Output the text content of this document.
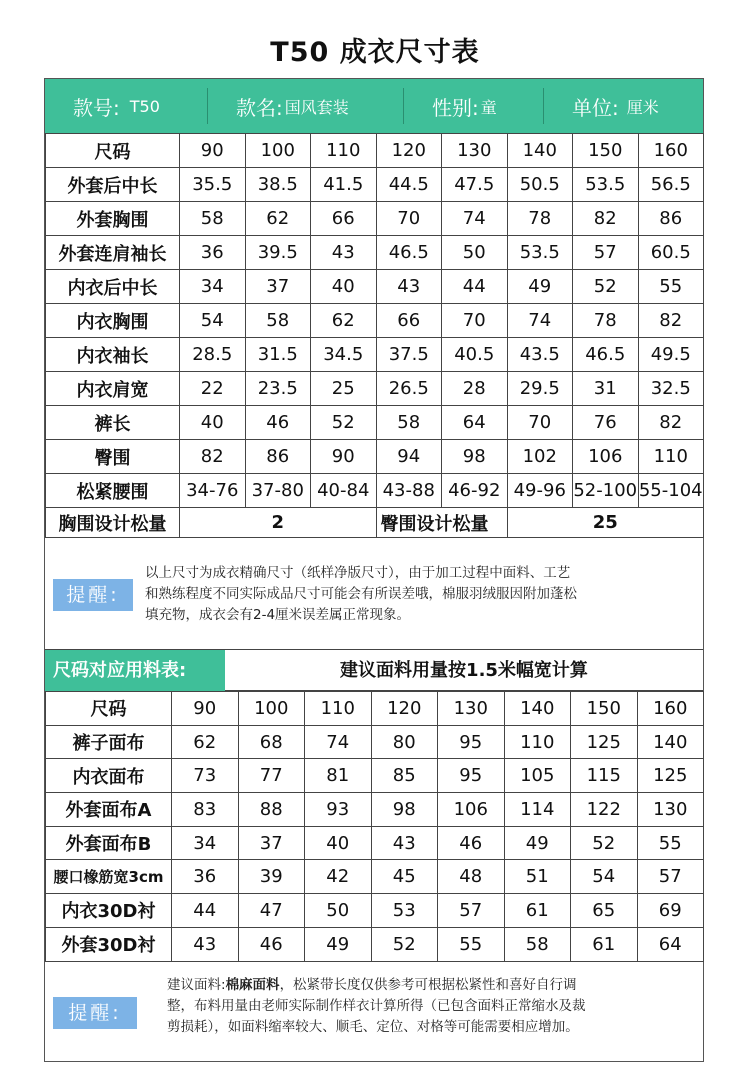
T50 成衣尺寸表
款号: T50	款名: 国风套装	性别: 童	单位: 厘米
尺码	90	100	110	120	130	140	150	160
外套后中长	35.5	38.5	41.5	44.5	47.5	50.5	53.5	56.5
外套胸围	58	62	66	70	74	78	82	86
外套连肩袖长	36	39.5	43	46.5	50	53.5	57	60.5
内衣后中长	34	37	40	43	44	49	52	55
内衣胸围	54	58	62	66	70	74	78	82
内衣袖长	28.5	31.5	34.5	37.5	40.5	43.5	46.5	49.5
内衣肩宽	22	23.5	25	26.5	28	29.5	31	32.5
裤长	40	46	52	58	64	70	76	82
臀围	82	86	90	94	98	102	106	110
松紧腰围	34-76	37-80	40-84	43-88	46-92	49-96	52-100	55-104
胸围设计松量	2			臀围设计松量		25		
提醒:
以上尺寸为成衣精确尺寸（纸样净版尺寸），由于加工过程中面料、工艺
和熟练程度不同实际成品尺寸可能会有所误差哦，棉服羽绒服因附加蓬松
填充物，成衣会有2-4厘米误差属正常现象。
尺码对应用料表:	建议面料用量按1.5米幅宽计算
尺码	90	100	110	120	130	140	150	160
裤子面布	62	68	74	80	95	110	125	140
内衣面布	73	77	81	85	95	105	115	125
外套面布A	83	88	93	98	106	114	122	130
外套面布B	34	37	40	43	46	49	52	55
腰口橡筋宽3cm	36	39	42	45	48	51	54	57
内衣30D衬	44	47	50	53	57	61	65	69
外套30D衬	43	46	49	52	55	58	61	64
提醒:
建议面料:棉麻面料，松紧带长度仅供参考可根据松紧性和喜好自行调
整，布料用量由老师实际制作样衣计算所得（已包含面料正常缩水及裁
剪损耗），如面料缩率较大、顺毛、定位、对格等可能需要相应增加。
